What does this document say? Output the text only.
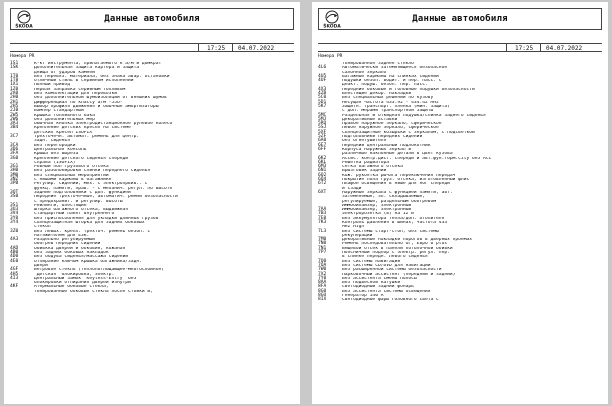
ŠKODA
Данные автомобиля
17:25 04.07.2022
Номера PR
1S1	К-кт инструмента, прилагаемого к а/м и домкрат
1SK	Дополнительная защита картера и защита
днища от ударов камней
1T0	Без перевяз. материала, без знака авар. остановки
1T8	отличный стиль в серийном исполнении
1X1	Полный привод
1Z0	Первая заправка серийным топливом
2A0	Без комплектации для перевозки
2H0	без дополнительной шумоизоляции от внешних шумов
2H1	Дифференциал по классу а/м -55U-
2H5	Выбор профиля движения и обычные амортизаторы
2JB	Бампер стандартный
2W5	Крышка топливного бака
2W6	без дополнительных мер
3A3	Обычная кнопка электродистанционное рулевое колесо
3B4	Крепление детских кресел на системе
детских кресел ISOFIX
3C7	Трёхточечн. автомат. ремень для центр.
задн. сиденья
3CA	Без перегородки
3D6	Центральная консоль
3FA	Крыша без вырезa
3G0	Крепление детского сиденья спереди
справа (ISOFIX)
3G1	Ровный пол грузового отсека
3H0	Без разблокировки спинки переднего сиденья
3M0	Без специальных мероприятий
3NZ	С нишами карманы в багажнике
3PB	Регулир. сидений, мех. с электропрвив.. с
функц. памяти, прав. - с механич. регул. по высоте
3QT	Задние подголовники с доп. функцией
3S0	Передние трёхточечные, автоматич. ремни безопасности
с предохранит. и регулир. высоты
3S1	Рейлинги, блестящие
3U3	Шторка багажного отсека, выдвижная
3V4	Стандартный пакет внутреннего
3Y0	Без приспособления для укладки длинных грузов
3Y4	Солнцезащитная шторка для задних боковых
стекол
3Z0	Без левых. крепл. трёхточ. ремень безоп. с
натяжителем для ЕЗК.
4A3	Раздельно регулируемый
обогрев передних сидений
4AD	Обивкка дверей и боковин, кожаная
4B0	без задних боковых накладок
4D0	Без обдува сиденья/массажа сидений
4E0	Отпирание ключом крышка багажника/задн.
двери
4GF	Ветровое стекло (теплопоглощающее-многослойное)
4H5	"Детская" блокировка, электр.
4I3	Центральный замок "Keyless-Entry" без
блокировки отпирания дверей изнутри
4KF	Атермальные боковые стекла,
тонированные боковые стекла после стойки В,
ŠKODA
Данные автомобиля
17:25 04.07.2022
Номера PR
тонированное заднее стекло
4L6	Автоматически затемняющееся безопасное
салонное зеркало
4U5	Багажные карманы на спинках сидений
4UF	Подушки безоп. водит. и пер. пасс. с
деакт. подуш. безоп. пер. пасс.
4X3	Передние боковые и головные подушки безопасности
4ZB	Блестящие декор. накладки
5C0	Без специальных решений по кузову
5D1	Несущая частота 433.92 - 434.42 MHz
5K7	Защитн. транспорт. плёнка (мин. защита)
с доп. мерами транспортной защиты
5MC	Раздельная и откидная подушка/спинка заднего сиденья
5MJ	Декоративные вставки
5RQ	Правое наружное зеркало, сферическое
5SJ	Левое наружное зеркало, сферическое
5XF	Солнцезащитные козырьки с зеркалом, с подсветкой
5ZF	Подголовники передних сидений
6A0	без огнетушителя
6E7	Передний центральный подлокотник
6FF	Корпуса наружных зеркал и
различные наклонные детали в цвет кузова
6K2	Ассис. контр.дист. спереди и авт.фун.торм.City без АСС
6KL	Решётка радиатора
6M3	Сетка багажного отсека
6N1	Брызговик задний
6Q2	Кож. рукоятка рычага переключения передач
6Q4	Покрытие пола груз. отсека, изготовленный флис
6T2	Плафон освещения в нише для ног спереди
и сзади
6XT	Наружные зеркала с функцией памяти, авт.
затемняемые, эл. складываемые,
регулируемые, раздельным обогревом
Иммобилайзер, электронный
7AA	Иммобилайзер, электронный
7B3	Электророзетка (в) на 12 В
7E0	Без аккумулятора тепла/доп. отопителя
7K3	Контроль давления в шинах, частота 433
MHz High
7L3	Без системы старт-стоп, без системы
рекуперации
7M0	Декоративные накладки порогов в дверных проёмах
7N0	Ремень последовательно ОГ, Евро 6 plus
7N1	Вещевой отсек в панели потолочной обивки
7P7	Поясничный подпор с электр. регул. пер.
в спинке передн. левого сиденья
7Q0	Без системы навигации
7QA	Без системы CD/DVD для навигации
7W0	Без расширенной системы безопасности
7X2	Парковочный ассистент (передний и задний)
7Y0	Без ассистента смены полосы
8AA	Без подвесной катушки
8FA	Светодиодный задний фонарь
8G0	Без ассистента системы освещения
8GU	Генератор 140 А
8IX	Светодиодные фары головного света с
